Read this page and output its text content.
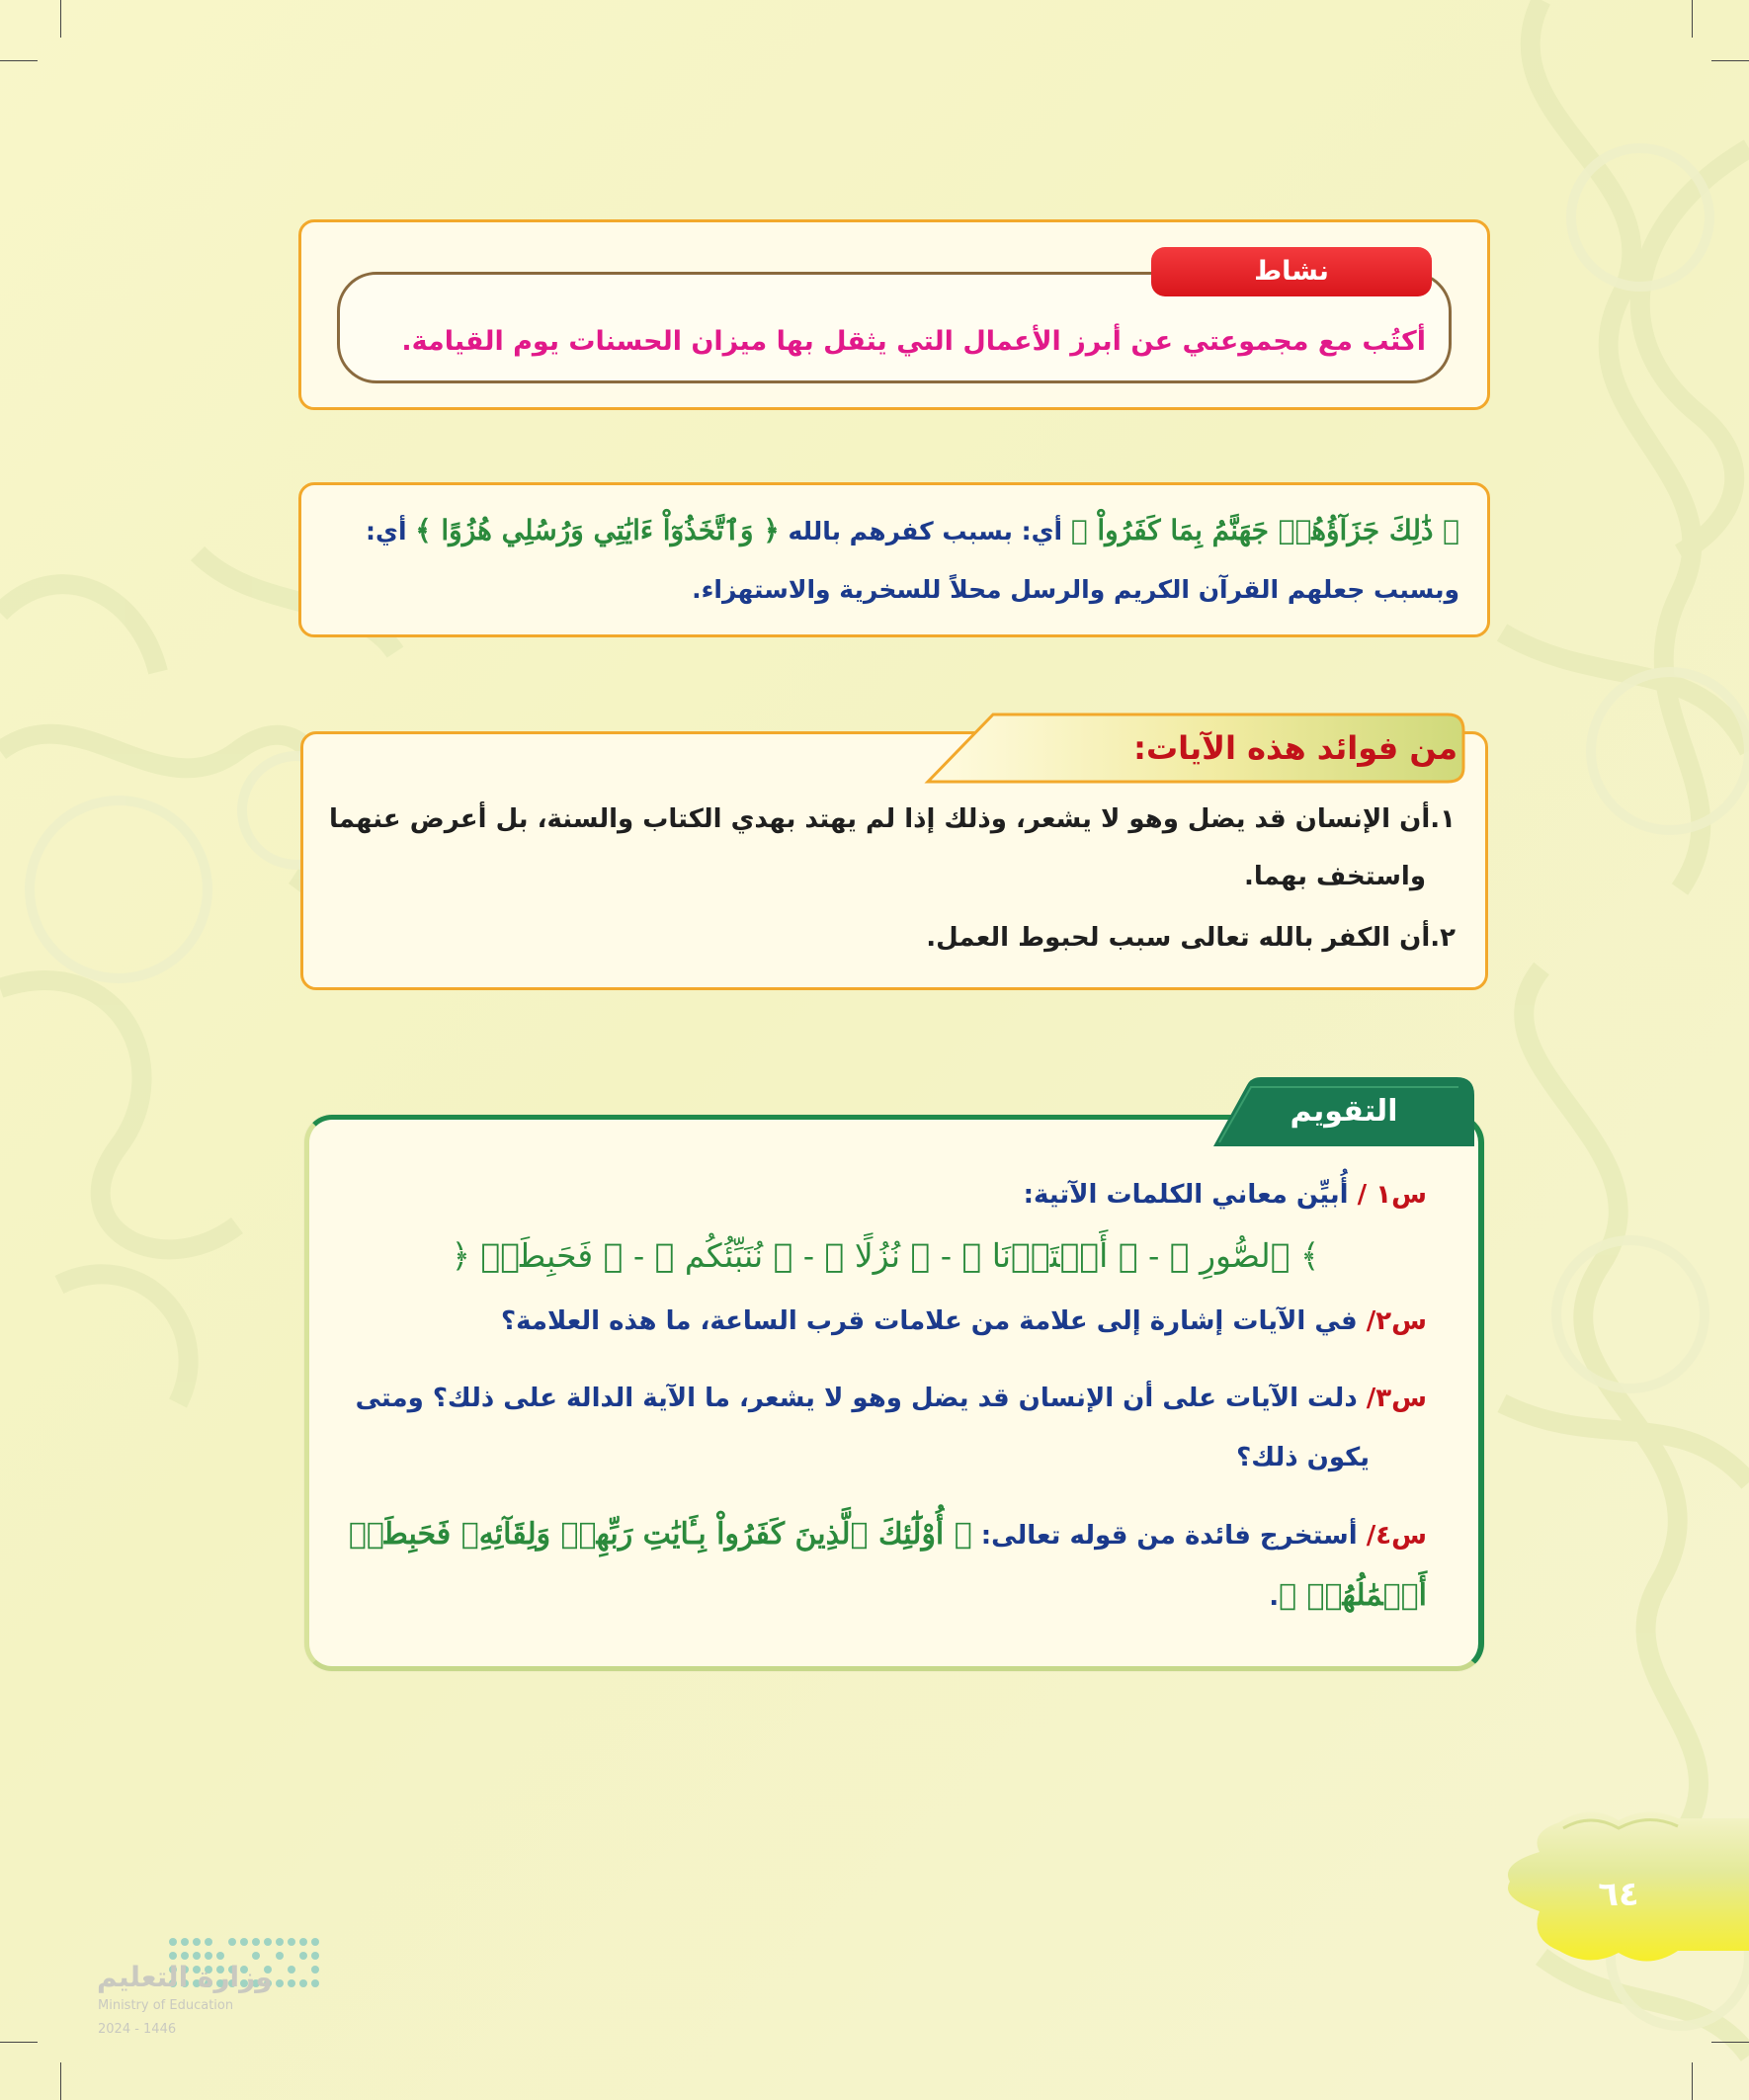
نشاط
أكتُب مع مجموعتي عن أبرز الأعمال التي يثقل بها ميزان الحسنات يوم القيامة.
﴿ ذَٰلِكَ جَزَآؤُهُمۡ جَهَنَّمُ بِمَا كَفَرُواْ ﴾ أي: بسبب كفرهم بالله ﴿ وَٱتَّخَذُوٓاْ ءَايَٰتِي وَرُسُلِي هُزُوًا ﴾ أي:
وبسبب جعلهم القرآن الكريم والرسل محلاً للسخرية والاستهزاء.
من فوائد هذه الآيات:
١.أن الإنسان قد يضل وهو لا يشعر، وذلك إذا لم يهتد بهدي الكتاب والسنة، بل أعرض عنهما
واستخف بهما.
٢.أن الكفر بالله تعالى سبب لحبوط العمل.
س١ / أُبيِّن معاني الكلمات الآتية:
﴿ ٱلصُّورِ ﴾ - ﴿ أَعۡتَدۡنَا ﴾ - ﴿ نُزُلًا ﴾ - ﴿ نُنَبِّئُكُم ﴾ - ﴿ فَحَبِطَتۡ ﴾
س٢/ في الآيات إشارة إلى علامة من علامات قرب الساعة، ما هذه العلامة؟
س٣/ دلت الآيات على أن الإنسان قد يضل وهو لا يشعر، ما الآية الدالة على ذلك؟ ومتى
يكون ذلك؟
س٤/ أستخرج فائدة من قوله تعالى: ﴿ أُوْلَٰٓئِكَ ٱلَّذِينَ كَفَرُواْ بِـَٔايَٰتِ رَبِّهِمۡ وَلِقَآئِهِۦ فَحَبِطَتۡ
أَعۡمَٰلُهُمۡ ﴾.
التقويم
٦٤
وزارة التعليم
Ministry of Education
2024 - 1446
